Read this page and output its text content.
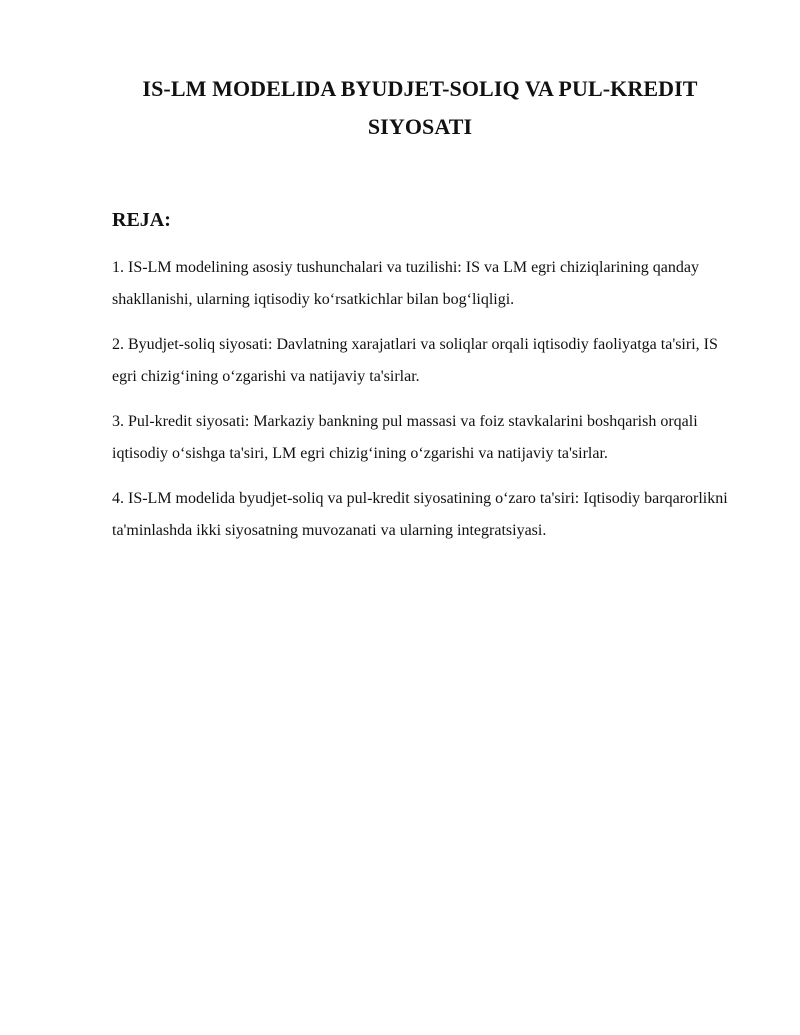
IS-LM MODELIDA BYUDJET-SOLIQ VA PUL-KREDIT
SIYOSATI
REJA:
1. IS-LM modelining asosiy tushunchalari va tuzilishi: IS va LM egri chiziqlarining qanday shakllanishi, ularning iqtisodiy ko‘rsatkichlar bilan bog‘liqligi.
2. Byudjet-soliq siyosati: Davlatning xarajatlari va soliqlar orqali iqtisodiy faoliyatga ta'siri, IS egri chizig‘ining o‘zgarishi va natijaviy ta'sirlar.
3. Pul-kredit siyosati: Markaziy bankning pul massasi va foiz stavkalarini boshqarish orqali iqtisodiy o‘sishga ta'siri, LM egri chizig‘ining o‘zgarishi va natijaviy ta'sirlar.
4. IS-LM modelida byudjet-soliq va pul-kredit siyosatining o‘zaro ta'siri: Iqtisodiy barqarorlikni ta'minlashda ikki siyosatning muvozanati va ularning integratsiyasi.
